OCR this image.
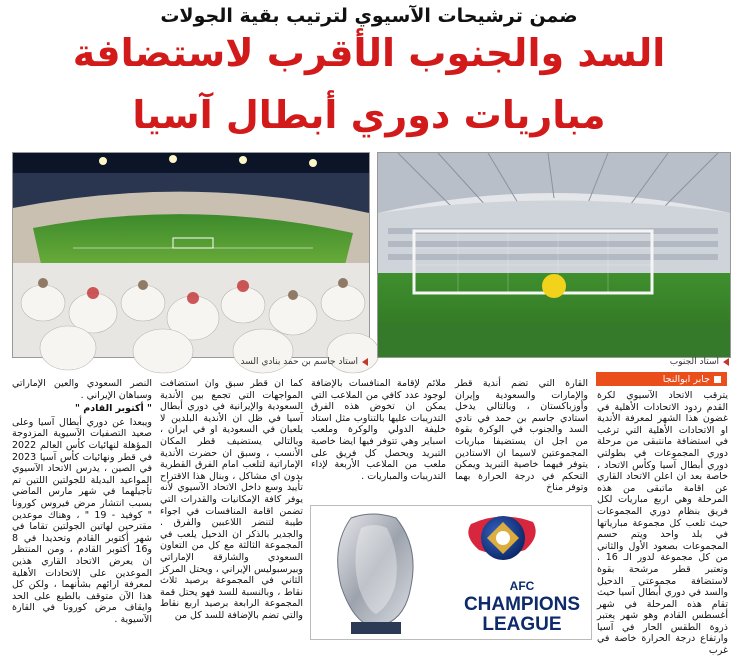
ضمن ترشيحات الآسيوي لترتيب بقية الجولات
السد والجنوب الأقرب لاستضافة
مباريات دوري أبطال آسيا
استاد جاسم بن حمد بنادي السد	استاد الجنوب
جابر ابوالنجا

يترقب الاتحاد الآسيوي لكرة القدم ردود الاتحادات الأهلية في غضون هذا الشهر لمعرفة الأندية او الاتحادات الأهلية التي ترغب في استضافة مانتبقى من مرحلة دوري المجموعات في بطولتي دوري أبطال آسيا وكأس الاتحاد ، خاصة بعد ان اعلن الاتحاد القاري عن اقامة ماتبقى من هذه المرحلة وهي اربع مباريات لكل فريق بنظام دوري المجموعات حيث تلعب كل مجموعة مبارياتها في بلد واحد ويتم حسم المجموعات بصعود الأول والثاني من كل مجموعة لدور الـ 16 . وتعتبر قطر مرشحة بقوة لاستضافة مجموعتي الدحيل والسد في دوري أبطال آسيا حيث تقام هذه المرحلة في شهر أغسطس القادم وهو شهر يعتبر ذروة الطقس الحار في آسيا وارتفاع درجة الحرارة خاصة في غرب

القارة التي تضم أندية قطر والإمارات والسعودية وإيران وأوزباكستان ، وبالتالي يدخل استادي جاسم بن حمد في نادي السد والجنوب في الوكرة بقوة من اجل ان يستضيفا مباريات المجموعتين لاسيما ان الاستادين يتوفر فيهما خاصية التبريد ويمكن التحكم في درجة الحرارة بهما وتوفر مناخ

ملائم لإقامة المنافسات بالإضافة لوجود عدد كافي من الملاعب التي يمكن ان تخوض هذه الفرق التدريبات عليها بالتناوب مثل استاد خليفة الدولي والوكرة وملعب اسباير وهي تتوفر فيها ايضا خاصية التبريد ويحصل كل فريق على ملعب من الملاعب الأربعة لإداء التدريبات والمباريات .

كما ان قطر سبق وان استضافت المواجهات التي تجمع بين الأندية السعودية والإيرانية في دوري أبطال آسيا في ظل ان الأندية البلدين لا يلعبان في السعودية او في ايران ، وبالتالي يستضيف قطر المكان الأنسب ، وسبق ان حضرت الأندية الإماراتية لتلعب امام الفرق القطرية بدون اي مشاكل ، وبنال هذا الاقتراح تأييد وسع داخل الاتحاد الآسيوي لأنه يوفر كافة الإمكانيات والقدرات التي تضمن اقامة المنافسات في اجواء طيبة لتنضر اللاعبين والفرق . والجدير بالذكر ان الدحيل يلعب في المجموعة الثالثة مع كل من التعاون السعودي والشارقة الإماراتي وبيرسبوليس الإيراني ، ويحتل المركز الثاني في المجموعة برصيد ثلاث نقاط ، وبالنسبة للسد فهو يحتل قمة المجموعة الرابعة برصيد اربع نقاط والتي تضم بالإضافة للسد كل من

النصر السعودي والعين الإماراتي وسباهان الإيراني .

" أكتوبر القادم "

ويبعدا عن دوري أبطال آسيا وعلى صعيد التصفيات الآسيوية المزدوجة المؤهلة لنهائيات كأس العالم 2022 في قطر ونهائيات كأس آسيا 2023 في الصين ، يدرس الاتحاد الآسيوي المواعيد البديلة للجولتين اللتين تم تأجيلهما في شهر مارس الماضي بسبب انتشار مرض فيروس كورونا " كوفيد - 19 " ، وهناك موعدين مقترحين لهاتين الجولتين تقاما في شهر أكتوبر القادم وتحديدا في 8 و16 أكتوبر القادم ، ومن المنتظر ان يعرض الاتحاد القاري هذين الموعدين على الاتحادات الأهلية لمعرفة ارائهم بشأنهما ، ولكن كل هذا الآن متوقف بالطبع على الحد وايقاف مرض كورونا في القارة الآسيوية .

AFC
CHAMPIONS
LEAGUE
